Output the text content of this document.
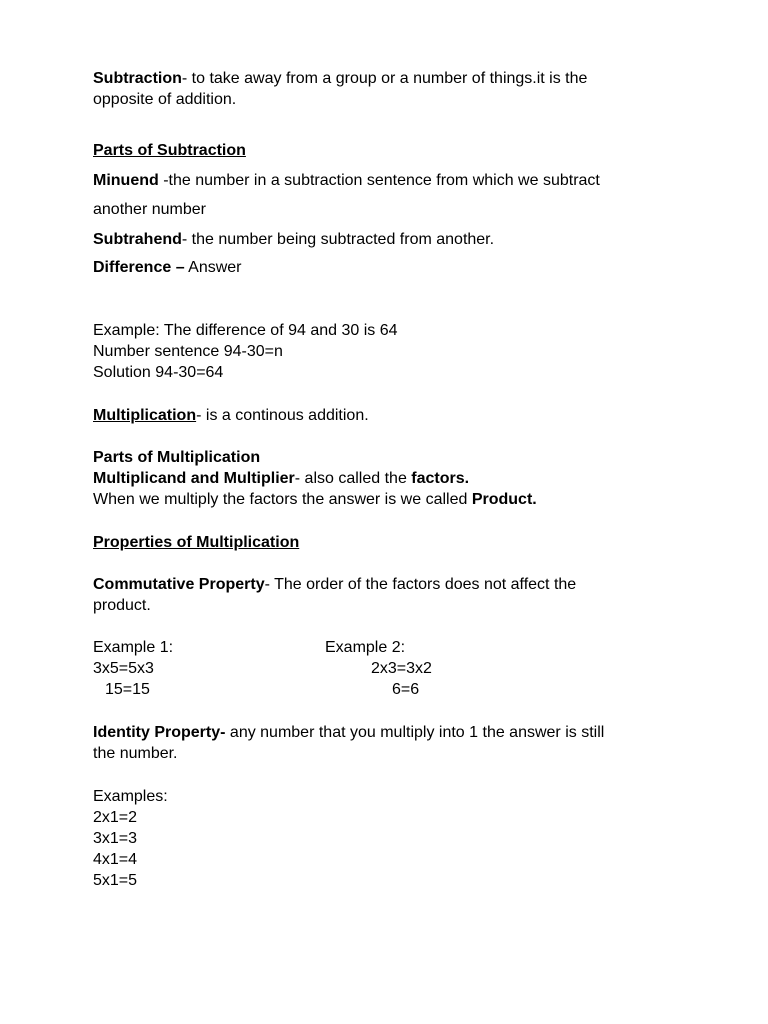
Subtraction- to take away from a group or a number of things.it is the
opposite of addition.
Parts of Subtraction
Minuend -the number in a subtraction sentence from which we subtract
another number
Subtrahend- the number being subtracted from another.
Difference – Answer
Example: The difference of 94 and 30 is 64
Number sentence 94-30=n
Solution 94-30=64
Multiplication- is a continous addition.
Parts of Multiplication
Multiplicand and Multiplier- also called the factors.
When we multiply the factors the answer is we called Product.
Properties of Multiplication
Commutative Property- The order of the factors does not affect the
product.
Example 1:
3x5=5x3
15=15
Example 2:
2x3=3x2
6=6
Identity Property- any number that you multiply into 1 the answer is still
the number.
Examples:
2x1=2
3x1=3
4x1=4
5x1=5
